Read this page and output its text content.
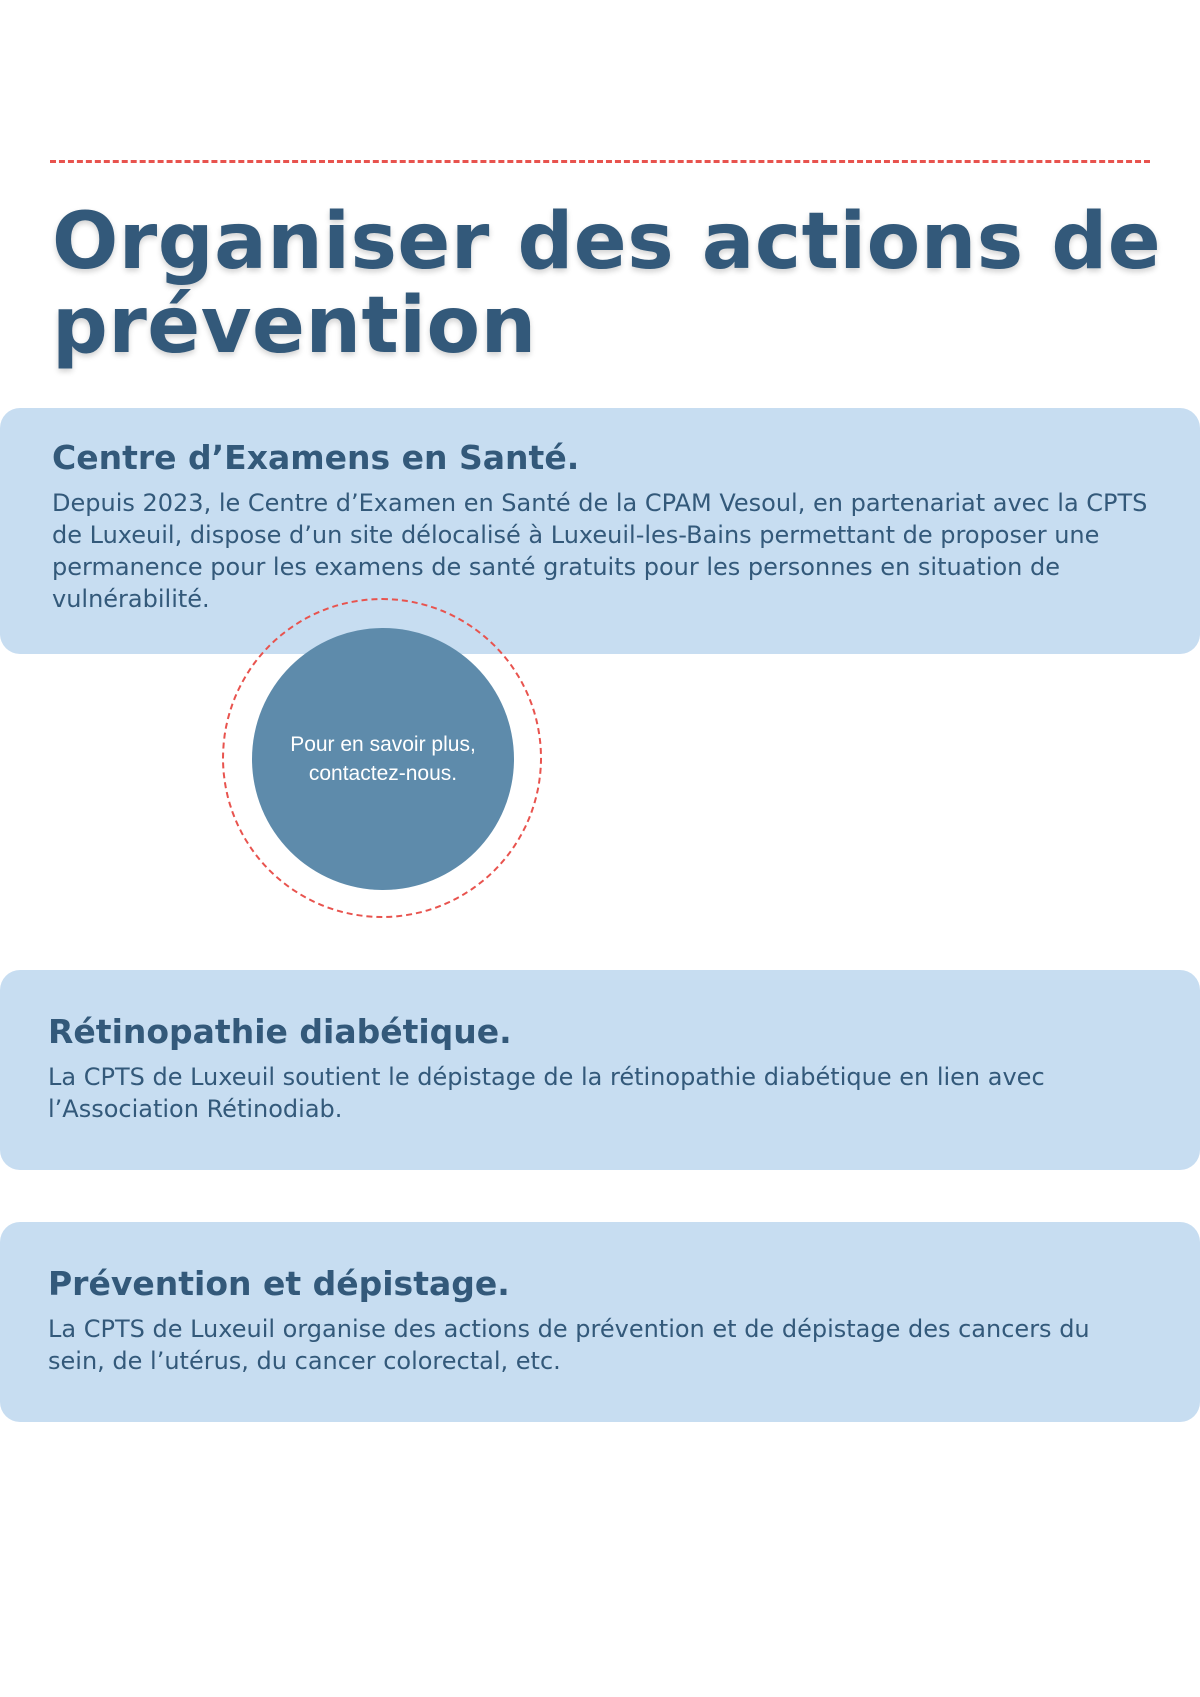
Organiser des actions de prévention
Centre d’Examens en Santé.

Depuis 2023, le Centre d’Examen en Santé de la CPAM Vesoul, en partenariat avec la CPTS de Luxeuil, dispose d’un site délocalisé à Luxeuil-les-Bains permettant de proposer une permanence pour les examens de santé gratuits pour les personnes en situation de vulnérabilité.

Pour en savoir plus,
contactez-nous.
Rétinopathie diabétique.

La CPTS de Luxeuil soutient le dépistage de la rétinopathie diabétique en lien avec l’Association Rétinodiab.

Prévention et dépistage.

La CPTS de Luxeuil organise des actions de prévention et de dépistage des cancers du sein, de l’utérus, du cancer colorectal, etc.
